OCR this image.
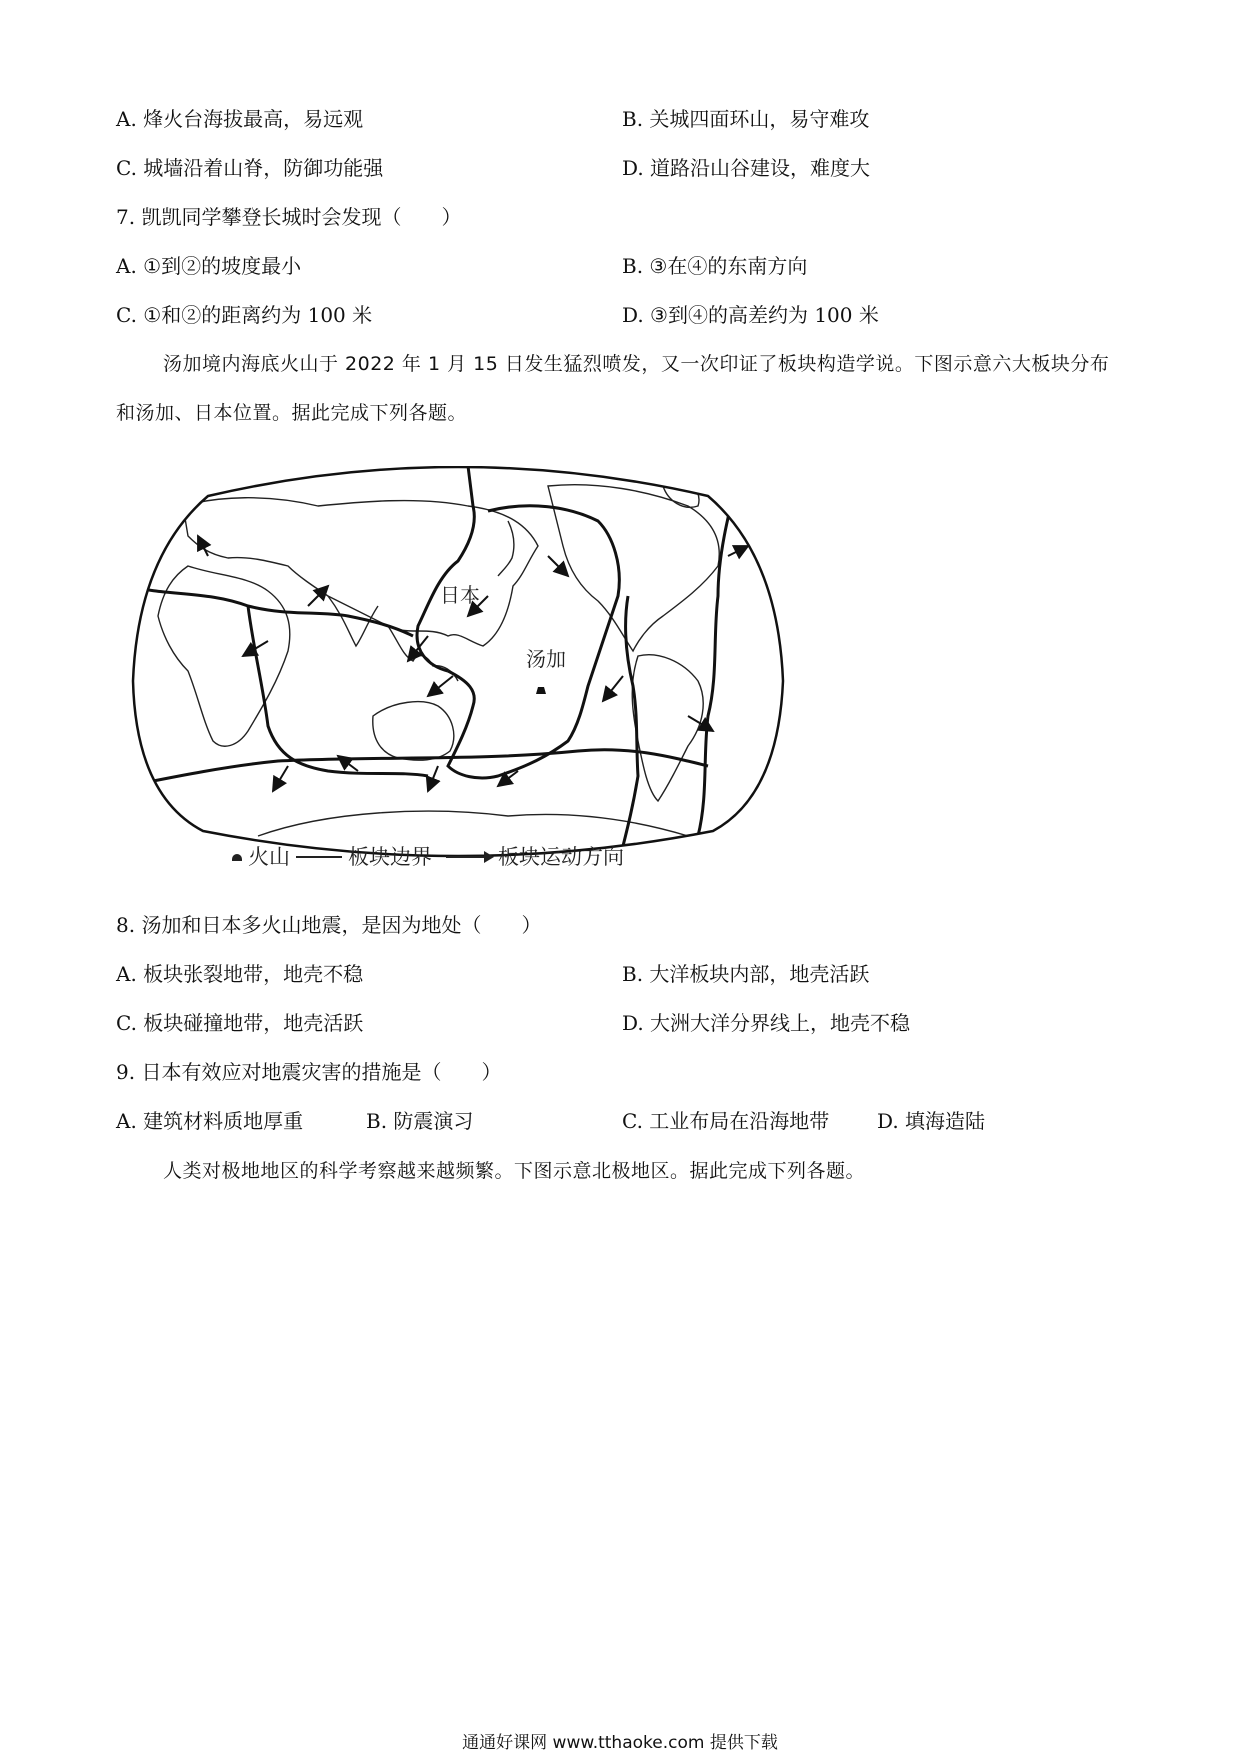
A. 烽火台海拔最高，易远观	B. 关城四面环山，易守难攻
C. 城墙沿着山脊，防御功能强	D. 道路沿山谷建设，难度大
7. 凯凯同学攀登长城时会发现（　　）
A. ①到②的坡度最小	B. ③在④的东南方向
C. ①和②的距离约为 100 米	D. ③到④的高差约为 100 米
汤加境内海底火山于 2022 年 1 月 15 日发生猛烈喷发，又一次印证了板块构造学说。下图示意六大板块分布和汤加、日本位置。据此完成下列各题。
日本
汤加
火山	板块边界	板块运动方向
8. 汤加和日本多火山地震，是因为地处（　　）
A. 板块张裂地带，地壳不稳	B. 大洋板块内部，地壳活跃
C. 板块碰撞地带，地壳活跃	D. 大洲大洋分界线上，地壳不稳
9. 日本有效应对地震灾害的措施是（　　）
A. 建筑材料质地厚重	B. 防震演习	C. 工业布局在沿海地带 D. 填海造陆
人类对极地地区的科学考察越来越频繁。下图示意北极地区。据此完成下列各题。
通通好课网 www.tthaoke.com 提供下载
